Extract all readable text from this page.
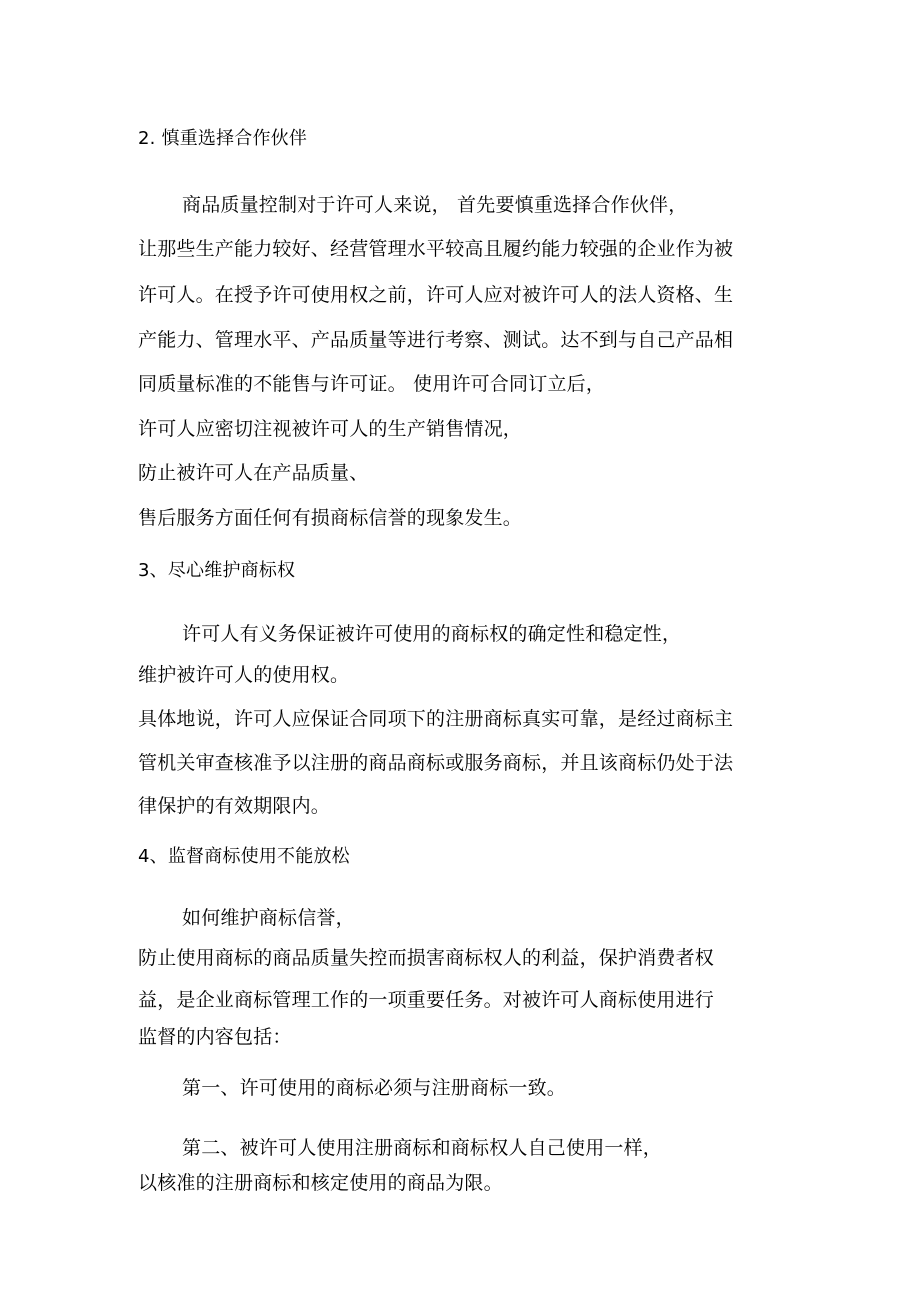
2. 慎重选择合作伙伴
商品质量控制对于许可人来说， 首先要慎重选择合作伙伴，
让那些生产能力较好、经营管理水平较高且履约能力较强的企业作为被
许可人。在授予许可使用权之前，许可人应对被许可人的法人资格、生
产能力、管理水平、产品质量等进行考察、测试。达不到与自己产品相
同质量标准的不能售与许可证。 使用许可合同订立后，
许可人应密切注视被许可人的生产销售情况，
防止被许可人在产品质量、
售后服务方面任何有损商标信誉的现象发生。
3、尽心维护商标权
许可人有义务保证被许可使用的商标权的确定性和稳定性，
维护被许可人的使用权。
具体地说，许可人应保证合同项下的注册商标真实可靠，是经过商标主
管机关审查核准予以注册的商品商标或服务商标，并且该商标仍处于法
律保护的有效期限内。
4、监督商标使用不能放松
如何维护商标信誉，
防止使用商标的商品质量失控而损害商标权人的利益，保护消费者权
益，是企业商标管理工作的一项重要任务。对被许可人商标使用进行
监督的内容包括：
第一、许可使用的商标必须与注册商标一致。
第二、被许可人使用注册商标和商标权人自己使用一样，
以核准的注册商标和核定使用的商品为限。
